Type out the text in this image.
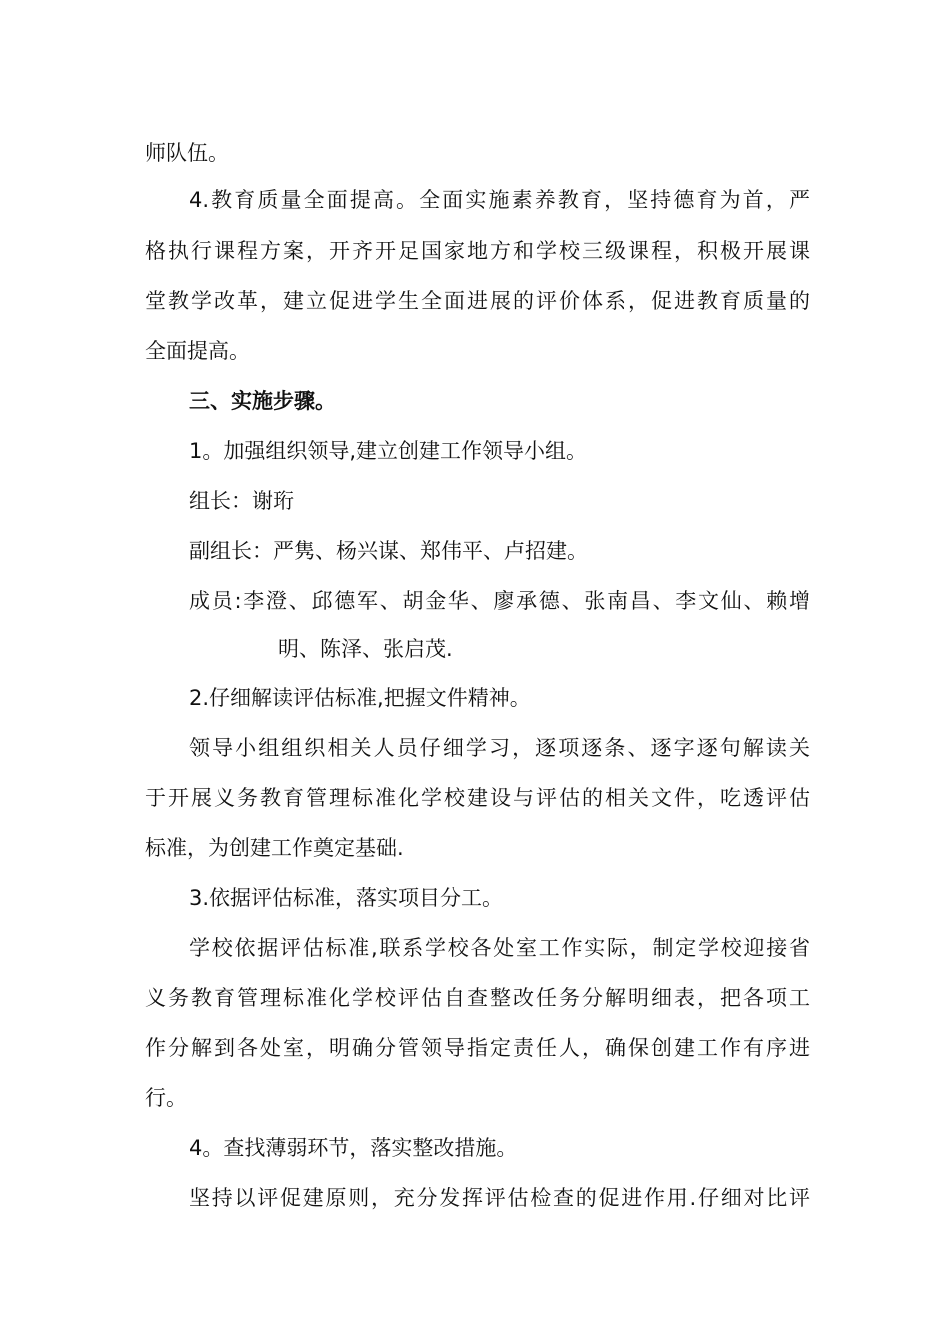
师队伍。
4.教育质量全面提高。全面实施素养教育，坚持德育为首，严
格执行课程方案，开齐开足国家地方和学校三级课程，积极开展课
堂教学改革，建立促进学生全面进展的评价体系，促进教育质量的
全面提高。
三、实施步骤。
1。加强组织领导,建立创建工作领导小组。
组长：谢珩
副组长：严隽、杨兴谋、郑伟平、卢招建。
成员:李澄、邱德军、胡金华、廖承德、张南昌、李文仙、赖增
明、陈泽、张启茂.
2.仔细解读评估标准,把握文件精神。
领导小组组织相关人员仔细学习，逐项逐条、逐字逐句解读关
于开展义务教育管理标准化学校建设与评估的相关文件，吃透评估
标准，为创建工作奠定基础.
3.依据评估标准，落实项目分工。
学校依据评估标准,联系学校各处室工作实际，制定学校迎接省
义务教育管理标准化学校评估自查整改任务分解明细表，把各项工
作分解到各处室，明确分管领导指定责任人，确保创建工作有序进
行。
4。查找薄弱环节，落实整改措施。
坚持以评促建原则，充分发挥评估检查的促进作用.仔细对比评
